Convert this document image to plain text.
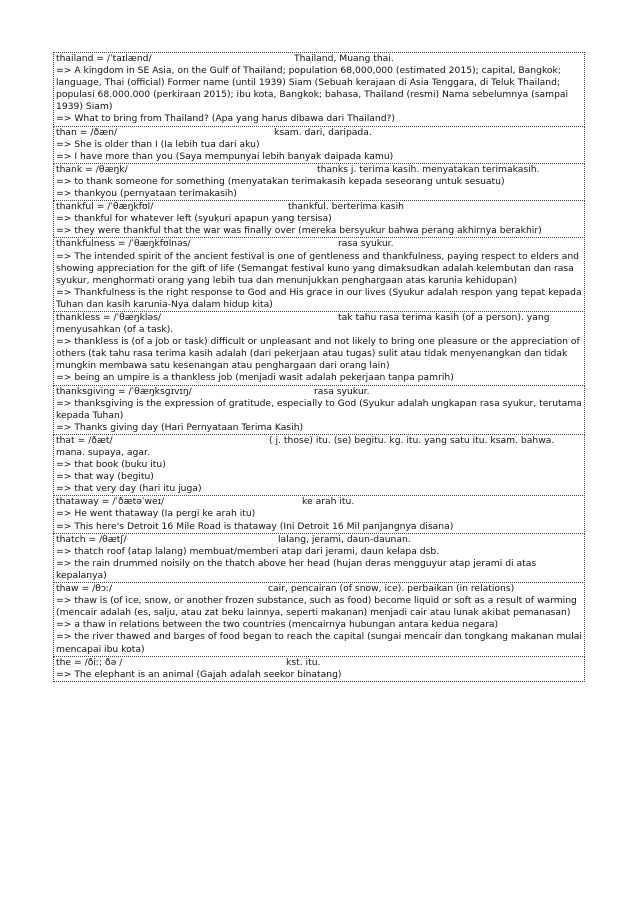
thailand = /ˈtaɪlænd/	Thailand, Muang thai.
=> A kingdom in SE Asia, on the Gulf of Thailand; population 68,000,000 (estimated 2015); capital, Bangkok; language, Thai (official) Former name (until 1939) Siam (Sebuah kerajaan di Asia Tenggara, di Teluk Thailand; populasi 68.000.000 (perkiraan 2015); ibu kota, Bangkok; bahasa, Thailand (resmi) Nama sebelumnya (sampai 1939) Siam)
=> What to bring from Thailand? (Apa yang harus dibawa dari Thailand?)
than = /ðæn/	ksam. dari, daripada.
=> She is older than I (Ia lebih tua dari aku)
=> I have more than you (Saya mempunyai lebih banyak daipada kamu)
thank = /θæŋk/	thanks j. terima kasih. menyatakan terimakasih.
=> to thank someone for something (menyatakan terimakasih kepada seseorang untuk sesuatu)
=> thankyou (pernyataan terimakasih)
thankful = /ˈθæŋkfʊl/	thankful. berterima kasih
=> thankful for whatever left (syukuri apapun yang tersisa)
=> they were thankful that the war was finally over (mereka bersyukur bahwa perang akhirnya berakhir)
thankfulness = /ˈθæŋkfʊlnəs/	rasa syukur.
=> The intended spirit of the ancient festival is one of gentleness and thankfulness, paying respect to elders and showing appreciation for the gift of life (Semangat festival kuno yang dimaksudkan adalah kelembutan dan rasa syukur, menghormati orang yang lebih tua dan menunjukkan penghargaan atas karunia kehidupan)
=> Thankfulness is the right response to God and His grace in our lives (Syukur adalah respon yang tepat kepada Tuhan dan kasih karunia-Nya dalam hidup kita)
thankless = /ˈθæŋkləs/	tak tahu rasa terima kasih (of a person). yang menyusahkan (of a task).
=> thankless is (of a job or task) difficult or unpleasant and not likely to bring one pleasure or the appreciation of others (tak tahu rasa terima kasih adalah (dari pekerjaan atau tugas) sulit atau tidak menyenangkan dan tidak mungkin membawa satu kesenangan atau penghargaan dari orang lain)
=> being an umpire is a thankless job (menjadi wasit adalah pekerjaan tanpa pamrih)
thanksgiving = /ˈθæŋksɡɪvɪŋ/	rasa syukur.
=> thanksgiving is the expression of gratitude, especially to God (Syukur adalah ungkapan rasa syukur, terutama kepada Tuhan)
=> Thanks giving day (Hari Pernyataan Terima Kasih)
that = /ðæt/	( j. those) itu. (se) begitu. kg. itu. yang satu itu. ksam. bahwa. mana. supaya, agar.
=> that book (buku itu)
=> that way (begitu)
=> that very day (hari itu juga)
thataway = /ˈðætəˈweɪ/	ke arah itu.
=> He went thataway (Ia pergi ke arah itu)
=> This here's Detroit 16 Mile Road is thataway (Ini Detroit 16 Mil panjangnya disana)
thatch = /θætʃ/	lalang, jerami, daun-daunan.
=> thatch roof (atap lalang) membuat/memberi atap dari jerami, daun kelapa dsb.
=> the rain drummed noisily on the thatch above her head (hujan deras mengguyur atap jerami di atas kepalanya)
thaw = /θɔː/	cair, pencairan (of snow, ice). perbaikan (in relations)
=> thaw is (of ice, snow, or another frozen substance, such as food) become liquid or soft as a result of warming (mencair adalah (es, salju, atau zat beku lainnya, seperti makanan) menjadi cair atau lunak akibat pemanasan)
=> a thaw in relations between the two countries (mencairnya hubungan antara kedua negara)
=> the river thawed and barges of food began to reach the capital (sungai mencair dan tongkang makanan mulai mencapai ibu kota)
the = /ðiː; ðə /	kst. itu.
=> The elephant is an animal (Gajah adalah seekor binatang)
